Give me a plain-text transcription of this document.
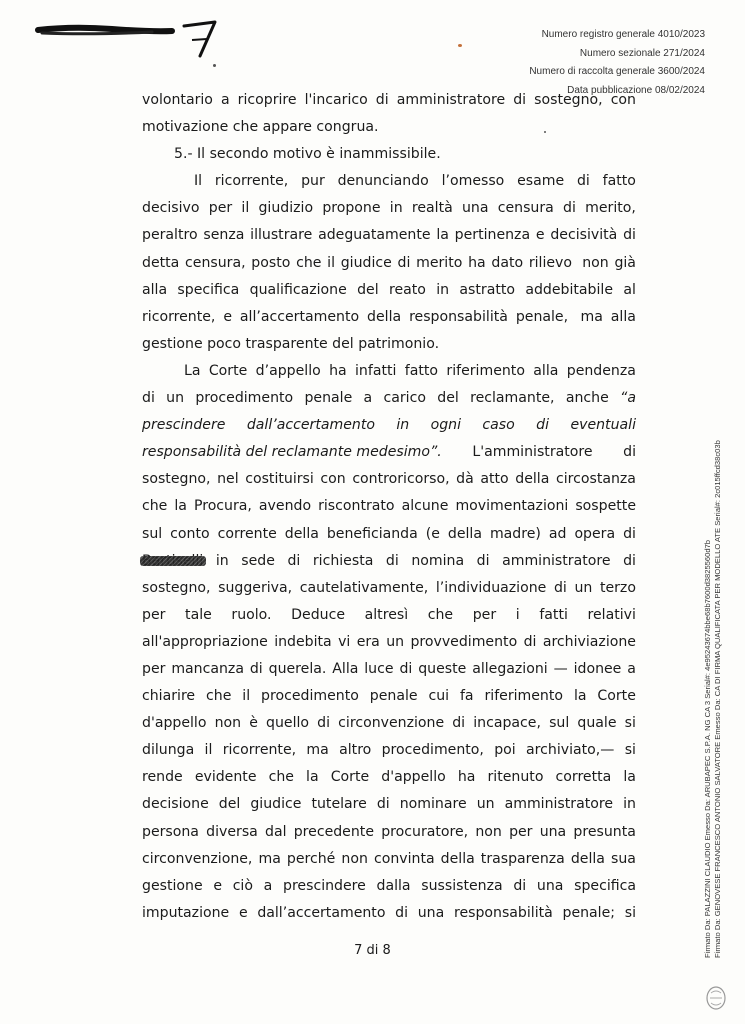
Numero registro generale 4010/2023
Numero sezionale 271/2024
Numero di raccolta generale 3600/2024
Data pubblicazione 08/02/2024
volontario a ricoprire l'incarico di amministratore di sostegno, con
motivazione che appare congrua.
5.- Il secondo motivo è inammissibile.
Il ricorrente, pur denunciando l’omesso esame di fatto
decisivo per il giudizio propone in realtà una censura di merito,
peraltro senza illustrare adeguatamente la pertinenza e decisività di
detta censura, posto che il giudice di merito ha dato rilievo non già
alla specifica qualificazione del reato in astratto addebitabile al
ricorrente, e all’accertamento della responsabilità penale, ma alla
gestione poco trasparente del patrimonio.
La Corte d’appello ha infatti fatto riferimento alla pendenza
di un procedimento penale a carico del reclamante, anche “a
prescindere dall’accertamento in ogni caso di eventuali
responsabilità del reclamante medesimo”. L'amministratore di
sostegno, nel costituirsi con controricorso, dà atto della circostanza
che la Procura, avendo riscontrato alcune movimentazioni sospette
sul conto corrente della beneficianda (e della madre) ad opera di
in sede di richiesta di nomina di amministratore di
sostegno, suggeriva, cautelativamente, l’individuazione di un terzo
per tale ruolo. Deduce altresì che per i fatti relativi
all'appropriazione indebita vi era un provvedimento di archiviazione
per mancanza di querela. Alla luce di queste allegazioni — idonee a
chiarire che il procedimento penale cui fa riferimento la Corte
d'appello non è quello di circonvenzione di incapace, sul quale si
dilunga il ricorrente, ma altro procedimento, poi archiviato,— si
rende evidente che la Corte d'appello ha ritenuto corretta la
decisione del giudice tutelare di nominare un amministratore in
persona diversa dal precedente procuratore, non per una presunta
circonvenzione, ma perché non convinta della trasparenza della sua
gestione e ciò a prescindere dalla sussistenza di una specifica
imputazione e dall’accertamento di una responsabilità penale; si
7 di 8	Firmato Da: PALAZZINI CLAUDIO Emesso Da: ARUBAPEC S.P.A. NG CA 3 Serial#: 4e95243674bbe68b7600d3825560d7b Firmato Da: GENOVESE FRANCESCO ANTONIO SALVATORE Emesso Da: CA DI FIRMA QUALIFICATA PER MODELLO ATE Serial#: 2c015ffcd38c03b
